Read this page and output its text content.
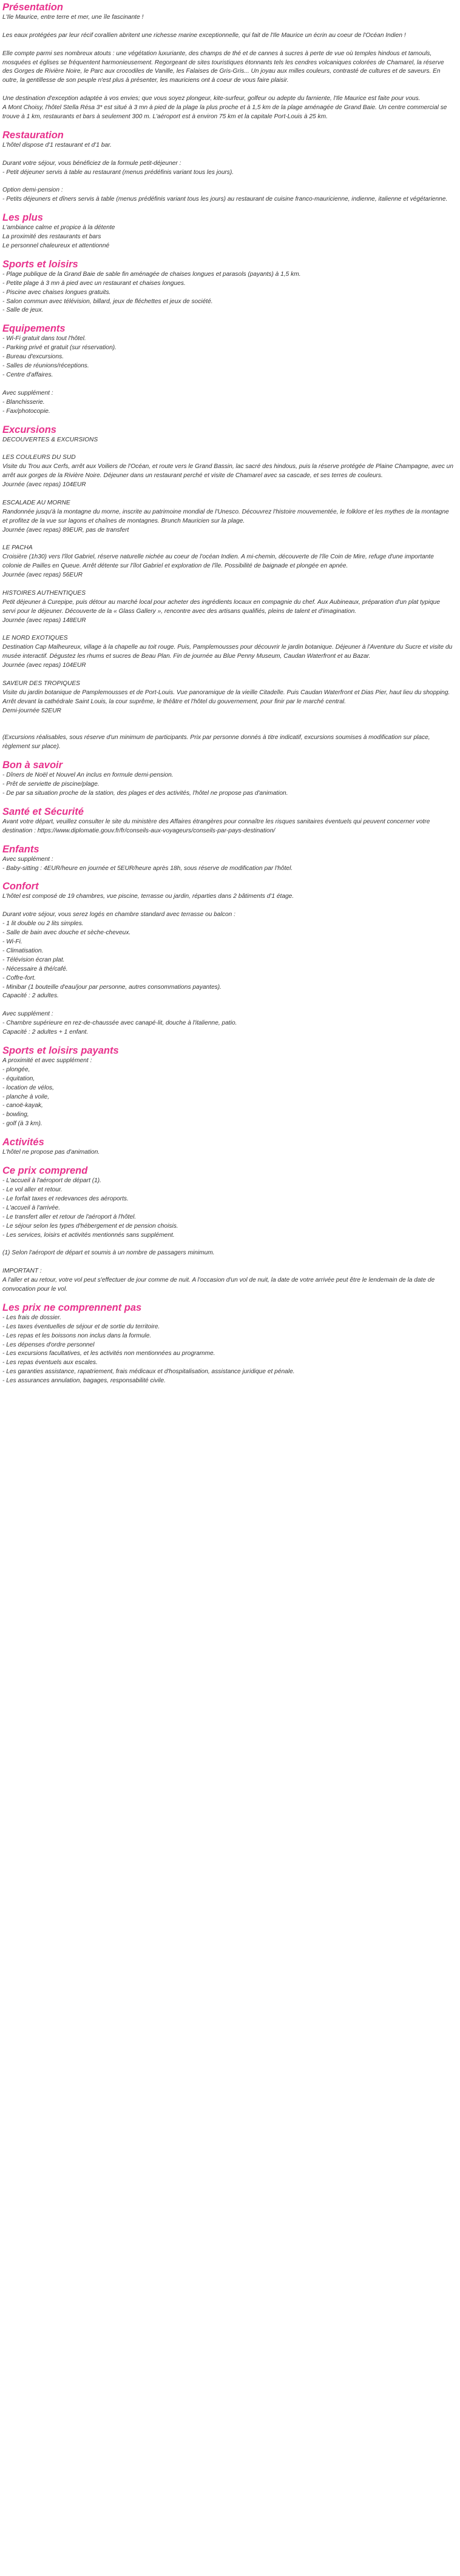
Présentation
L'Ile Maurice, entre terre et mer, une île fascinante !
Les eaux protégées par leur récif corallien abritent une richesse marine exceptionnelle, qui fait de l'Ile Maurice un écrin au coeur de l'Océan Indien !
Elle compte parmi ses nombreux atouts : une végétation luxuriante, des champs de thé et de cannes à sucres à perte de vue où temples hindous et tamouls, mosquées et églises se fréquentent harmonieusement. Regorgeant de sites touristiques étonnants tels les cendres volcaniques colorées de Chamarel, la réserve des Gorges de Rivière Noire, le Parc aux crocodiles de Vanille, les Falaises de Gris-Gris... Un joyau aux milles couleurs, contrasté de cultures et de saveurs. En outre, la gentillesse de son peuple n'est plus à présenter, les mauriciens ont à coeur de vous faire plaisir.
Une destination d'exception adaptée à vos envies; que vous soyez plongeur, kite-surfeur, golfeur ou adepte du farniente, l'Ile Maurice est faite pour vous.
A Mont Choisy, l'hôtel Stella Résa 3* est situé à 3 mn à pied de la plage la plus proche et à 1,5 km de la plage aménagée de Grand Baie. Un centre commercial se trouve à 1 km, restaurants et bars à seulement 300 m. L'aéroport est à environ 75 km et la capitale Port-Louis à 25 km.
Restauration
L'hôtel dispose d'1 restaurant et d'1 bar.
Durant votre séjour, vous bénéficiez de la formule petit-déjeuner :
- Petit déjeuner servis à table au restaurant (menus prédéfinis variant tous les jours).
Option demi-pension :
- Petits déjeuners et dîners servis à table (menus prédéfinis variant tous les jours) au restaurant de cuisine franco-mauricienne, indienne, italienne et végétarienne.
Les plus
L'ambiance calme et propice à la détente
La proximité des restaurants et bars
Le personnel chaleureux et attentionné
Sports et loisirs
- Plage publique de la Grand Baie de sable fin aménagée de chaises longues et parasols (payants) à 1,5 km.
- Petite plage à 3 mn à pied avec un restaurant et chaises longues.
- Piscine avec chaises longues gratuits.
- Salon commun avec télévision, billard, jeux de fléchettes et jeux de société.
- Salle de jeux.
Equipements
- Wi-Fi gratuit dans tout l'hôtel.
- Parking privé et gratuit (sur réservation).
- Bureau d'excursions.
- Salles de réunions/réceptions.
- Centre d'affaires.
Avec supplément :
- Blanchisserie.
- Fax/photocopie.
Excursions
DECOUVERTES & EXCURSIONS
LES COULEURS DU SUD
Visite du Trou aux Cerfs, arrêt aux Voiliers de l'Océan, et route vers le Grand Bassin, lac sacré des hindous, puis la réserve protégée de Plaine Champagne, avec un arrêt aux gorges de la Rivière Noire. Déjeuner dans un restaurant perché et visite de Chamarel avec sa cascade, et ses terres de couleurs.
Journée (avec repas) 104EUR
ESCALADE AU MORNE
Randonnée jusqu'à la montagne du morne, inscrite au patrimoine mondial de l'Unesco. Découvrez l'histoire mouvementée, le folklore et les mythes de la montagne et profitez de la vue sur lagons et chaînes de montagnes. Brunch Mauricien sur la plage.
Journée (avec repas) 89EUR, pas de transfert
LE PACHA
Croisière (1h30) vers l'îlot Gabriel, réserve naturelle nichée au coeur de l'océan Indien. A mi-chemin, découverte de l'île Coin de Mire, refuge d'une importante
colonie de Pailles en Queue. Arrêt détente sur l'îlot Gabriel et exploration de l'île. Possibilité de baignade et plongée en apnée.
Journée (avec repas) 56EUR
HISTOIRES AUTHENTIQUES
Petit déjeuner à Curepipe, puis détour au marché local pour acheter des ingrédients locaux en compagnie du chef. Aux Aubineaux, préparation d'un plat typique servi pour le déjeuner. Découverte de la « Glass Gallery », rencontre avec des artisans qualifiés, pleins de talent et d'imagination.
Journée (avec repas) 148EUR
LE NORD EXOTIQUES
Destination Cap Malheureux, village à la chapelle au toit rouge. Puis, Pamplemousses pour découvrir le jardin botanique. Déjeuner à l'Aventure du Sucre et visite du musée interactif. Dégustez les rhums et sucres de Beau Plan. Fin de journée au Blue Penny Museum, Caudan Waterfront et au Bazar.
Journée (avec repas) 104EUR
SAVEUR DES TROPIQUES
Visite du jardin botanique de Pamplemousses et de Port-Louis. Vue panoramique de la vieille Citadelle. Puis Caudan Waterfront et Dias Pier, haut lieu du shopping. Arrêt devant la cathédrale Saint Louis, la cour suprême, le théâtre et l'hôtel du gouvernement, pour finir par le marché central.
Demi-journée 52EUR
(Excursions réalisables, sous réserve d'un minimum de participants. Prix par personne donnés à titre indicatif, excursions soumises à modification sur place, règlement sur place).
Bon à savoir
- Dîners de Noël et Nouvel An inclus en formule demi-pension.
- Prêt de serviette de piscine/plage.
- De par sa situation proche de la station, des plages et des activités, l'hôtel ne propose pas d'animation.
Santé et Sécurité
Avant votre départ, veuillez consulter le site du ministère des Affaires étrangères pour connaître les risques sanitaires éventuels qui peuvent concerner votre destination : https://www.diplomatie.gouv.fr/fr/conseils-aux-voyageurs/conseils-par-pays-destination/
Enfants
Avec supplément :
- Baby-sitting : 4EUR/heure en journée et 5EUR/heure après 18h, sous réserve de modification par l'hôtel.
Confort
L'hôtel est composé de 19 chambres, vue piscine, terrasse ou jardin, réparties dans 2 bâtiments d'1 étage.
Durant votre séjour, vous serez logés en chambre standard avec terrasse ou balcon :
- 1 lit double ou 2 lits simples.
- Salle de bain avec douche et sèche-cheveux.
- Wi-Fi.
- Climatisation.
- Télévision écran plat.
- Nécessaire à thé/café.
- Coffre-fort.
- Minibar (1 bouteille d'eau/jour par personne, autres consommations payantes).
Capacité : 2 adultes.
Avec supplément :
- Chambre supérieure en rez-de-chaussée avec canapé-lit, douche à l'italienne, patio.
Capacité : 2 adultes + 1 enfant.
Sports et loisirs payants
A proximité et avec supplément :
- plongée,
- équitation,
- location de vélos,
- planche à voile,
- canoë-kayak,
- bowling,
- golf (à 3 km).
Activités
L'hôtel ne propose pas d'animation.
Ce prix comprend
- L'accueil à l'aéroport de départ (1).
- Le vol aller et retour.
- Le forfait taxes et redevances des aéroports.
- L'accueil à l'arrivée.
- Le transfert aller et retour de l'aéroport à l'hôtel.
- Le séjour selon les types d'hébergement et de pension choisis.
- Les services, loisirs et activités mentionnés sans supplément.
(1) Selon l'aéroport de départ et soumis à un nombre de passagers minimum.
IMPORTANT :
A l'aller et au retour, votre vol peut s'effectuer de jour comme de nuit. A l'occasion d'un vol de nuit, la date de votre arrivée peut être le lendemain de la date de convocation pour le vol.
Les prix ne comprennent pas
- Les frais de dossier.
- Les taxes éventuelles de séjour et de sortie du territoire.
- Les repas et les boissons non inclus dans la formule.
- Les dépenses d'ordre personnel
- Les excursions facultatives, et les activités non mentionnées au programme.
- Les repas éventuels aux escales.
- Les garanties assistance, rapatriement, frais médicaux et d'hospitalisation, assistance juridique et pénale.
- Les assurances annulation, bagages, responsabilité civile.
